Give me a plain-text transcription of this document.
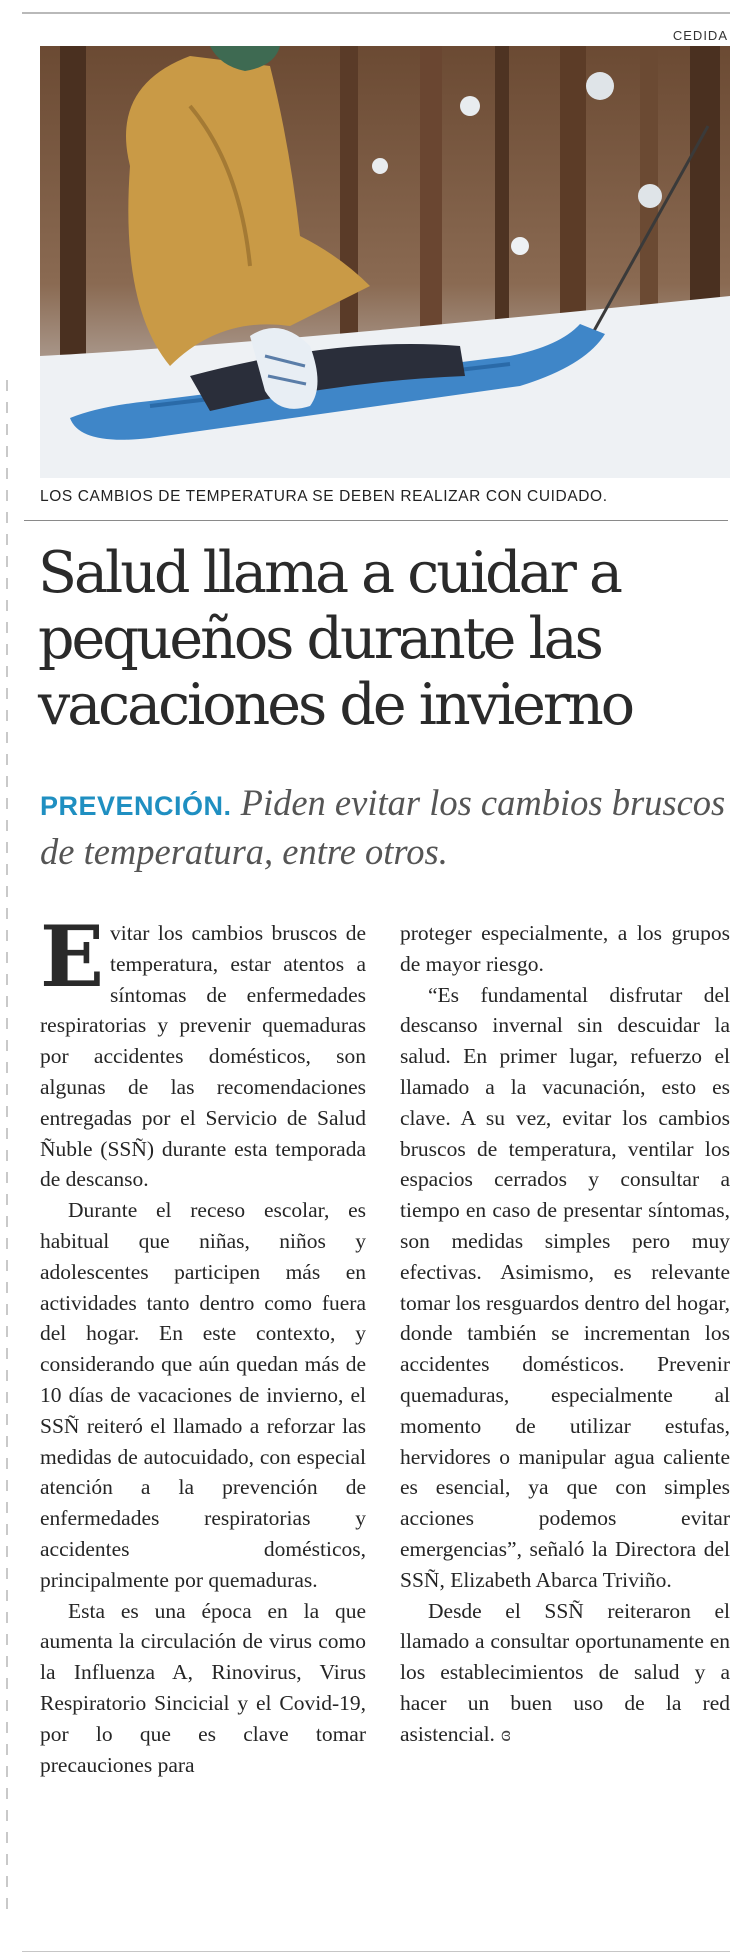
CEDIDA
LOS CAMBIOS DE TEMPERATURA SE DEBEN REALIZAR CON CUIDADO.
Salud llama a cuidar a
pequeños durante las
vacaciones de invierno
PREVENCIÓN. Piden evitar los cambios bruscos de temperatura, entre otros.

Evitar los cambios bruscos de temperatura, estar atentos a síntomas de enfermedades respiratorias y prevenir quemaduras por accidentes domésticos, son algunas de las recomendaciones entregadas por el Servicio de Salud Ñuble (SSÑ) durante esta temporada de descanso.

Durante el receso escolar, es habitual que niñas, niños y adolescentes participen más en actividades tanto dentro como fuera del hogar. En este contexto, y considerando que aún quedan más de 10 días de vacaciones de invierno, el SSÑ reiteró el llamado a reforzar las medidas de autocuidado, con especial atención a la prevención de enfermedades respiratorias y accidentes domésticos, principalmente por quemaduras.

Esta es una época en la que aumenta la circulación de virus como la Influenza A, Rinovirus, Virus Respiratorio Sincicial y el Covid-19, por lo que es clave tomar precauciones para

proteger especialmente, a los grupos de mayor riesgo.

“Es fundamental disfrutar del descanso invernal sin descuidar la salud. En primer lugar, refuerzo el llamado a la vacunación, esto es clave. A su vez, evitar los cambios bruscos de temperatura, ventilar los espacios cerrados y consultar a tiempo en caso de presentar síntomas, son medidas simples pero muy efectivas. Asimismo, es relevante tomar los resguardos dentro del hogar, donde también se incrementan los accidentes domésticos. Prevenir quemaduras, especialmente al momento de utilizar estufas, hervidores o manipular agua caliente es esencial, ya que con simples acciones podemos evitar emergencias”, señaló la Directora del SSÑ, Elizabeth Abarca Triviño.

Desde el SSÑ reiteraron el llamado a consultar oportunamente en los establecimientos de salud y a hacer un buen uso de la red asistencial. ɞ
